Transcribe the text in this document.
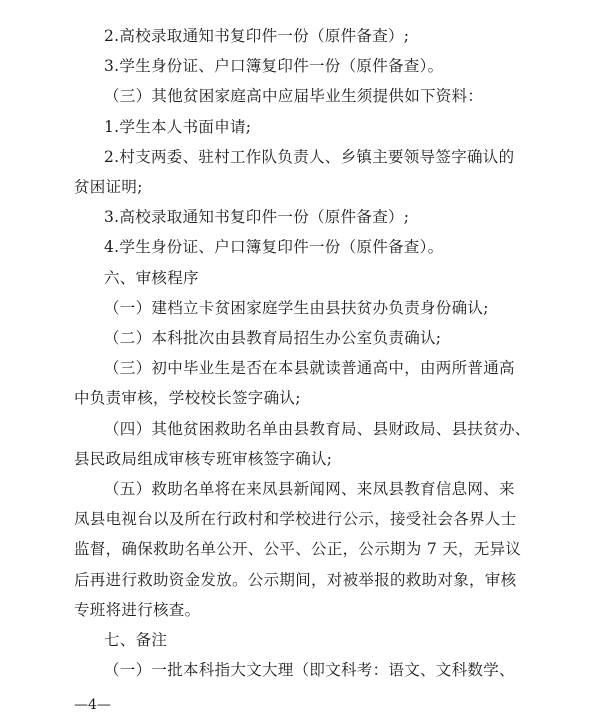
2.高校录取通知书复印件一份（原件备查）;
3.学生身份证、户口簿复印件一份（原件备查）。
（三）其他贫困家庭高中应届毕业生须提供如下资料：
1.学生本人书面申请;
2.村支两委、驻村工作队负责人、乡镇主要领导签字确认的
贫困证明;
3.高校录取通知书复印件一份（原件备查）;
4.学生身份证、户口簿复印件一份（原件备查）。
六、审核程序
（一）建档立卡贫困家庭学生由县扶贫办负责身份确认;
（二）本科批次由县教育局招生办公室负责确认;
（三）初中毕业生是否在本县就读普通高中，由两所普通高
中负责审核，学校校长签字确认;
（四）其他贫困救助名单由县教育局、县财政局、县扶贫办、
县民政局组成审核专班审核签字确认;
（五）救助名单将在来凤县新闻网、来凤县教育信息网、来
凤县电视台以及所在行政村和学校进行公示，接受社会各界人士
监督，确保救助名单公开、公平、公正，公示期为 7 天，无异议
后再进行救助资金发放。公示期间，对被举报的救助对象，审核
专班将进行核查。
七、备注
（一）一批本科指大文大理（即文科考：语文、文科数学、
—4—
